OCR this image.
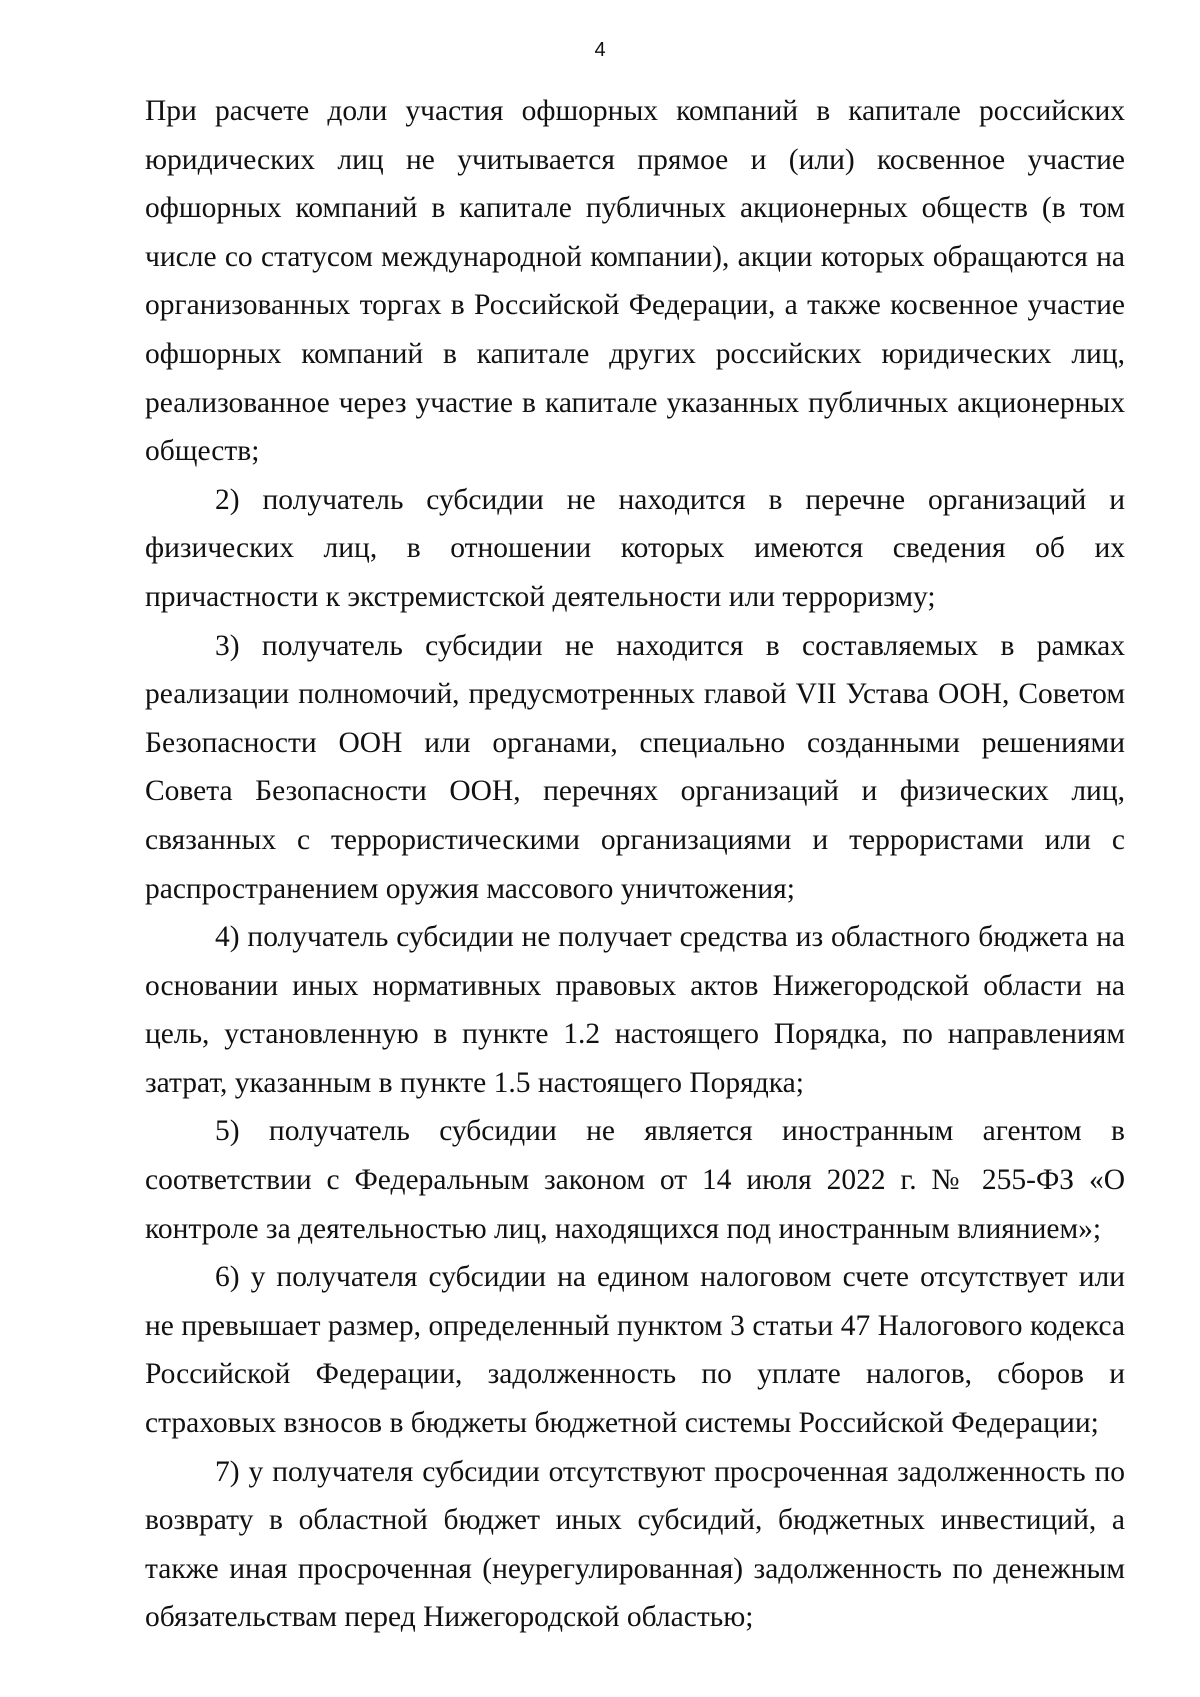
4

При расчете доли участия офшорных компаний в капитале российских юридических лиц не учитывается прямое и (или) косвенное участие офшорных компаний в капитале публичных акционерных обществ (в том числе со статусом международной компании), акции которых обращаются на организованных торгах в Российской Федерации, а также косвенное участие офшорных компаний в капитале других российских юридических лиц, реализованное через участие в капитале указанных публичных акционерных обществ;

2) получатель субсидии не находится в перечне организаций и физических лиц, в отношении которых имеются сведения об их причастности к экстремистской деятельности или терроризму;

3) получатель субсидии не находится в составляемых в рамках реализации полномочий, предусмотренных главой VII Устава ООН, Советом Безопасности ООН или органами, специально созданными решениями Совета Безопасности ООН, перечнях организаций и физических лиц, связанных с террористическими организациями и террористами или с распространением оружия массового уничтожения;

4) получатель субсидии не получает средства из областного бюджета на основании иных нормативных правовых актов Нижегородской области на цель, установленную в пункте 1.2 настоящего Порядка, по направлениям затрат, указанным в пункте 1.5 настоящего Порядка;

5) получатель субсидии не является иностранным агентом в соответствии с Федеральным законом от 14 июля 2022 г. № 255-ФЗ «О контроле за деятельностью лиц, находящихся под иностранным влиянием»;

6) у получателя субсидии на едином налоговом счете отсутствует или не превышает размер, определенный пунктом 3 статьи 47 Налогового кодекса Российской Федерации, задолженность по уплате налогов, сборов и страховых взносов в бюджеты бюджетной системы Российской Федерации;

7) у получателя субсидии отсутствуют просроченная задолженность по возврату в областной бюджет иных субсидий, бюджетных инвестиций, а также иная просроченная (неурегулированная) задолженность по денежным обязательствам перед Нижегородской областью;
